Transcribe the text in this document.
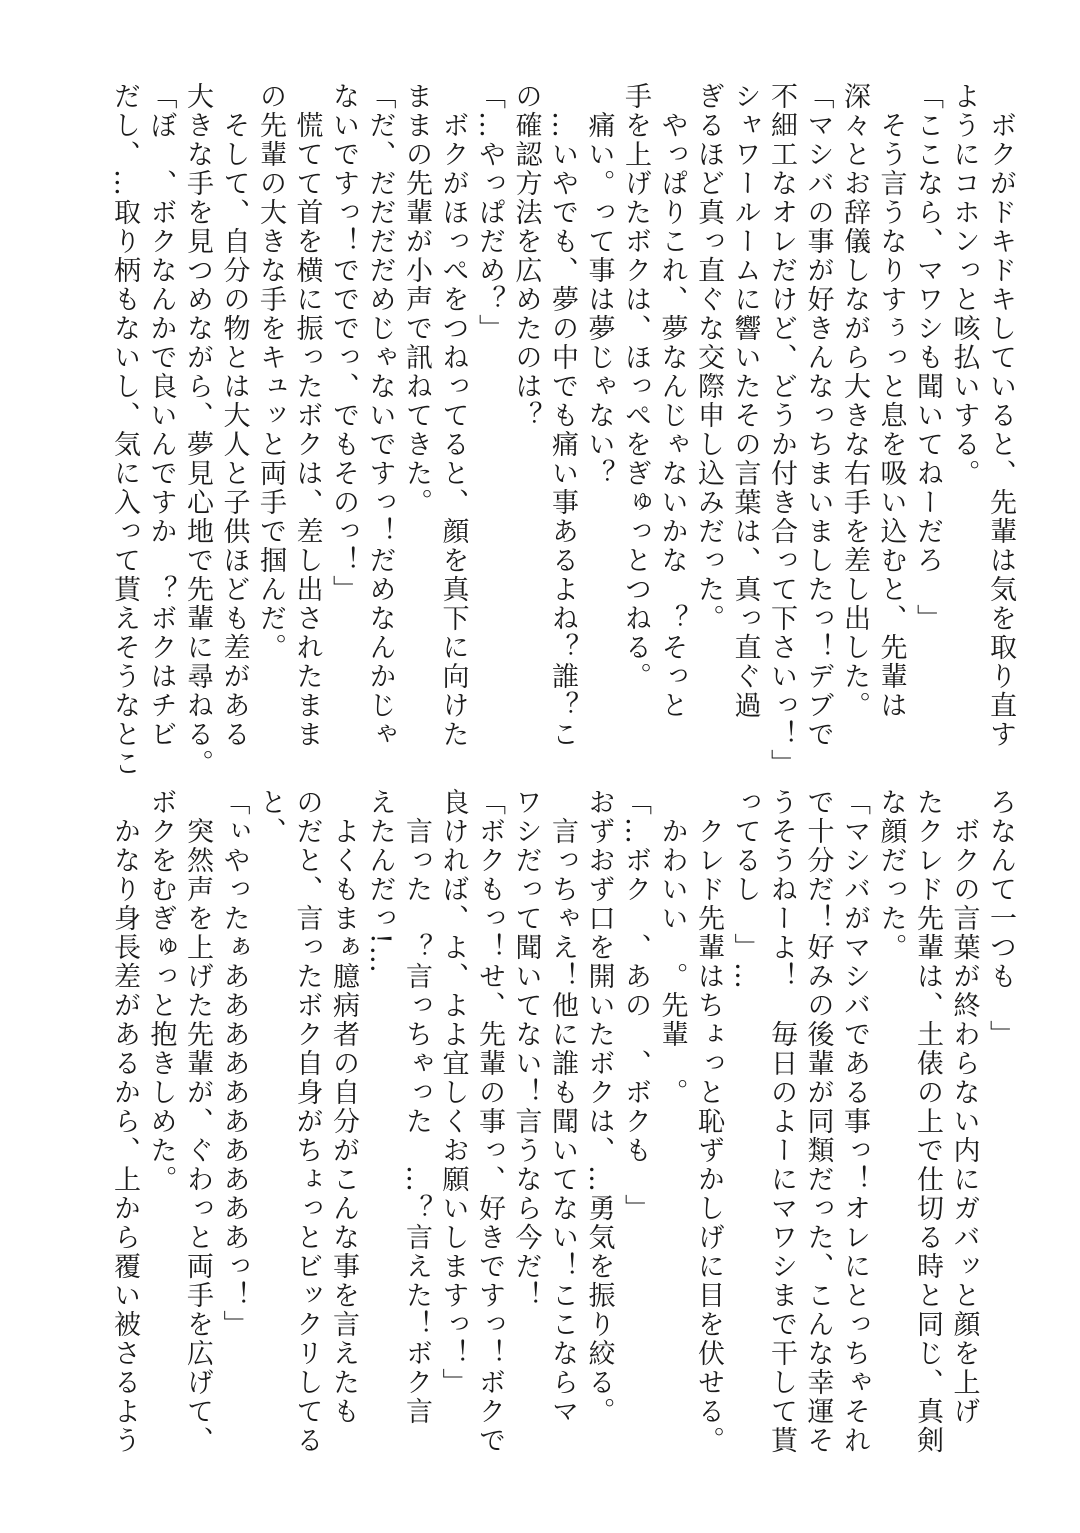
ボクがドキドキしていると、先輩は気を取り直す

ようにコホンっと咳払いする。

「ここなら、マワシも聞いてねーだろ　」

そう言うなりすぅっと息を吸い込むと、先輩は

深々とお辞儀しながら大きな右手を差し出した。

「マシバの事が好きんなっちまいましたっ！デブで

不細工なオレだけど、どうか付き合って下さいっ！」

シャワールームに響いたその言葉は、真っ直ぐ過

ぎるほど真っ直ぐな交際申し込みだった。

やっぱりこれ、夢なんじゃないかな　？そっと

手を上げたボクは、ほっぺをぎゅっとつねる。

痛い。って事は夢じゃない？

…いやでも、夢の中でも痛い事あるよね？誰？こ

の確認方法を広めたのは？

「…やっぱだめ？」

ボクがほっぺをつねってると、顔を真下に向けた

ままの先輩が小声で訊ねてきた。

「だ、だだだだめじゃないですっ！だめなんかじゃ

ないですっ！でででっ、でもそのっ！」

慌てて首を横に振ったボクは、差し出されたまま

の先輩の大きな手をキュッと両手で掴んだ。

そして、自分の物とは大人と子供ほども差がある

大きな手を見つめながら、夢見心地で先輩に尋ねる。

「ぼ　、ボクなんかで良いんですか　？ボクはチビ

だし、…取り柄もないし、気に入って貰えそうなとこ

ろなんて一つも　」

ボクの言葉が終わらない内にガバッと顔を上げ

たクレド先輩は、土俵の上で仕切る時と同じ、真剣

な顔だった。

「マシバがマシバである事っ！オレにとっちゃそれ

で十分だ！好みの後輩が同類だった、こんな幸運そ

うそうねーよ！　毎日のよーにマワシまで干して貰

ってるし　」…

クレド先輩はちょっと恥ずかしげに目を伏せる。

かわいい　。先輩　。

「…ボク　、あの　、ボクも　」

おずおず口を開いたボクは、…勇気を振り絞る。

言っちゃえ！他に誰も聞いてない！ここならマ

ワシだって聞いてない！言うなら今だ！

「ボクもっ！せ、先輩の事っ、好きですっ！ボクで

良ければ、よ、よよ宜しくお願いしますっ！」

言った　？言っちゃった　…？言えた！ボク言

えたんだっ!…

よくもまぁ臆病者の自分がこんな事を言えたも

のだと、言ったボク自身がちょっとビックリしてる

と、

「ぃやったぁああああああああああっ！」

突然声を上げた先輩が、ぐわっと両手を広げて、

ボクをむぎゅっと抱きしめた。

かなり身長差があるから、上から覆い被さるよう
